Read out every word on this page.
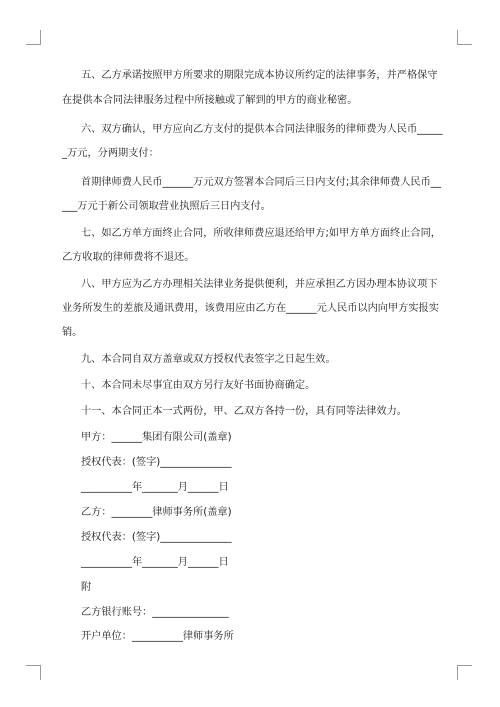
五、乙方承诺按照甲方所要求的期限完成本协议所约定的法律事务，并严格保守
在提供本合同法律服务过程中所接触或了解到的甲方的商业秘密。
六、双方确认，甲方应向乙方支付的提供本合同法律服务的律师费为人民币_____
_万元，分两期支付：
首期律师费人民币______万元双方签署本合同后三日内支付;其余律师费人民币__
___万元于新公司领取营业执照后三日内支付。
七、如乙方单方面终止合同，所收律师费应退还给甲方;如甲方单方面终止合同，
乙方收取的律师费将不退还。
八、甲方应为乙方办理相关法律业务提供便利，并应承担乙方因办理本协议项下
业务所发生的差旅及通讯费用，该费用应由乙方在______元人民币以内向甲方实报实
销。
九、本合同自双方盖章或双方授权代表签字之日起生效。
十、本合同未尽事宜由双方另行友好书面协商确定。
十一、本合同正本一式两份，甲、乙双方各持一份，具有同等法律效力。
甲方：______集团有限公司(盖章)
授权代表：(签字)______________
__________年_______月______日
乙方：________律师事务所(盖章)
授权代表：(签字)______________
__________年_______月______日
附
乙方银行账号：_______________
开户单位：__________律师事务所
